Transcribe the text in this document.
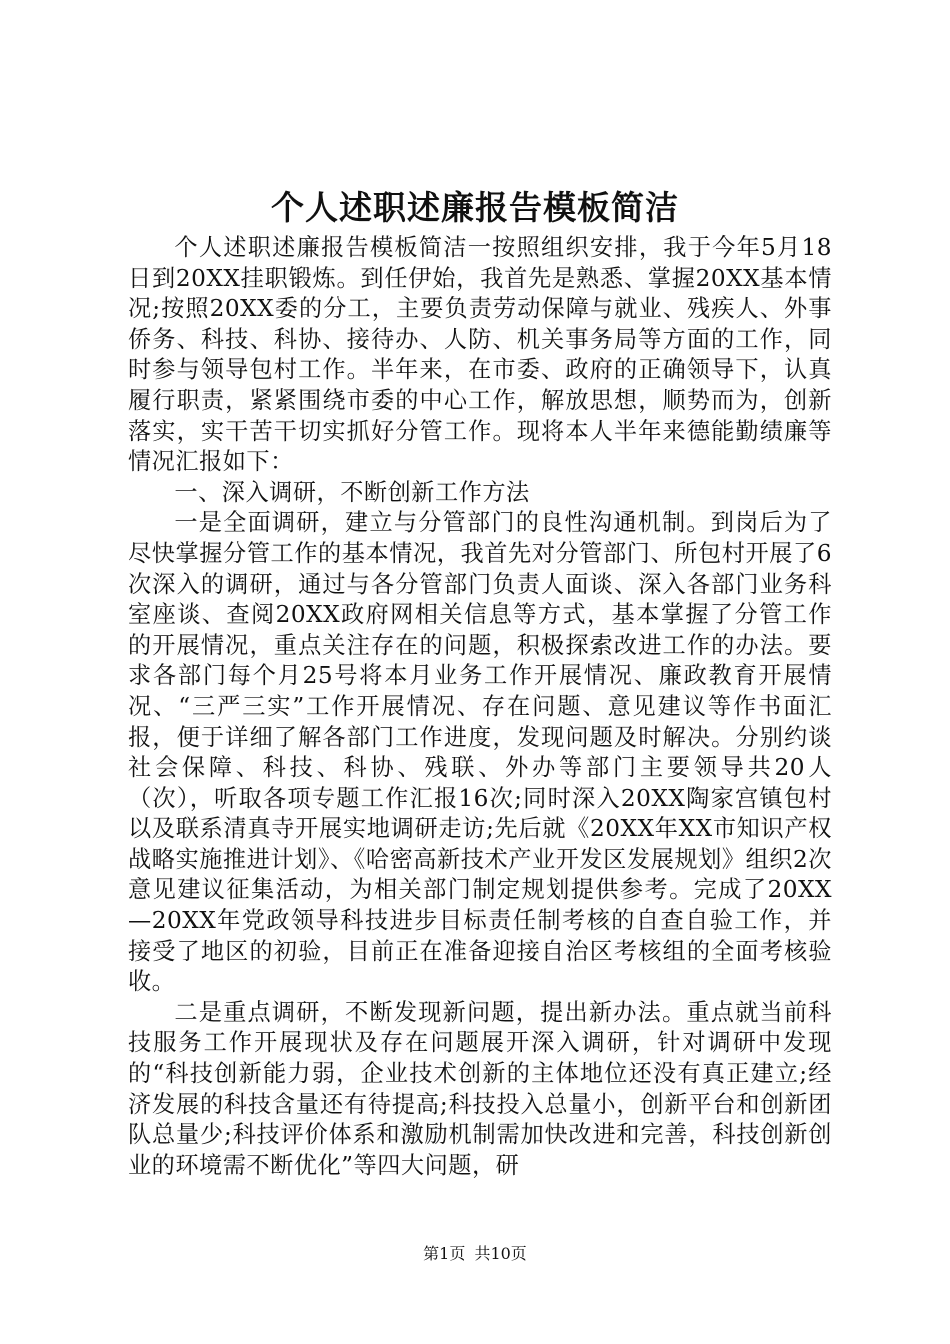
个人述职述廉报告模板简洁

个人述职述廉报告模板简洁一按照组织安排，我于今年5月18日到20XX挂职锻炼。到任伊始，我首先是熟悉、掌握20XX基本情况;按照20XX委的分工，主要负责劳动保障与就业、残疾人、外事侨务、科技、科协、接待办、人防、机关事务局等方面的工作，同时参与领导包村工作。半年来，在市委、政府的正确领导下，认真履行职责，紧紧围绕市委的中心工作，解放思想，顺势而为，创新落实，实干苦干切实抓好分管工作。现将本人半年来德能勤绩廉等情况汇报如下：

一、深入调研，不断创新工作方法

一是全面调研，建立与分管部门的良性沟通机制。到岗后为了尽快掌握分管工作的基本情况，我首先对分管部门、所包村开展了6次深入的调研，通过与各分管部门负责人面谈、深入各部门业务科室座谈、查阅20XX政府网相关信息等方式，基本掌握了分管工作的开展情况，重点关注存在的问题，积极探索改进工作的办法。要求各部门每个月25号将本月业务工作开展情况、廉政教育开展情况、“三严三实”工作开展情况、存在问题、意见建议等作书面汇报，便于详细了解各部门工作进度，发现问题及时解决。分别约谈社会保障、科技、科协、残联、外办等部门主要领导共20人（次），听取各项专题工作汇报16次;同时深入20XX陶家宫镇包村以及联系清真寺开展实地调研走访;先后就《20XX年XX市知识产权战略实施推进计划》、《哈密高新技术产业开发区发展规划》组织2次意见建议征集活动，为相关部门制定规划提供参考。完成了20XX—20XX年党政领导科技进步目标责任制考核的自查自验工作，并接受了地区的初验，目前正在准备迎接自治区考核组的全面考核验收。

二是重点调研，不断发现新问题，提出新办法。重点就当前科技服务工作开展现状及存在问题展开深入调研，针对调研中发现的“科技创新能力弱，企业技术创新的主体地位还没有真正建立;经济发展的科技含量还有待提高;科技投入总量小，创新平台和创新团队总量少;科技评价体系和激励机制需加快改进和完善，科技创新创业的环境需不断优化”等四大问题，研

第1页 共10页
